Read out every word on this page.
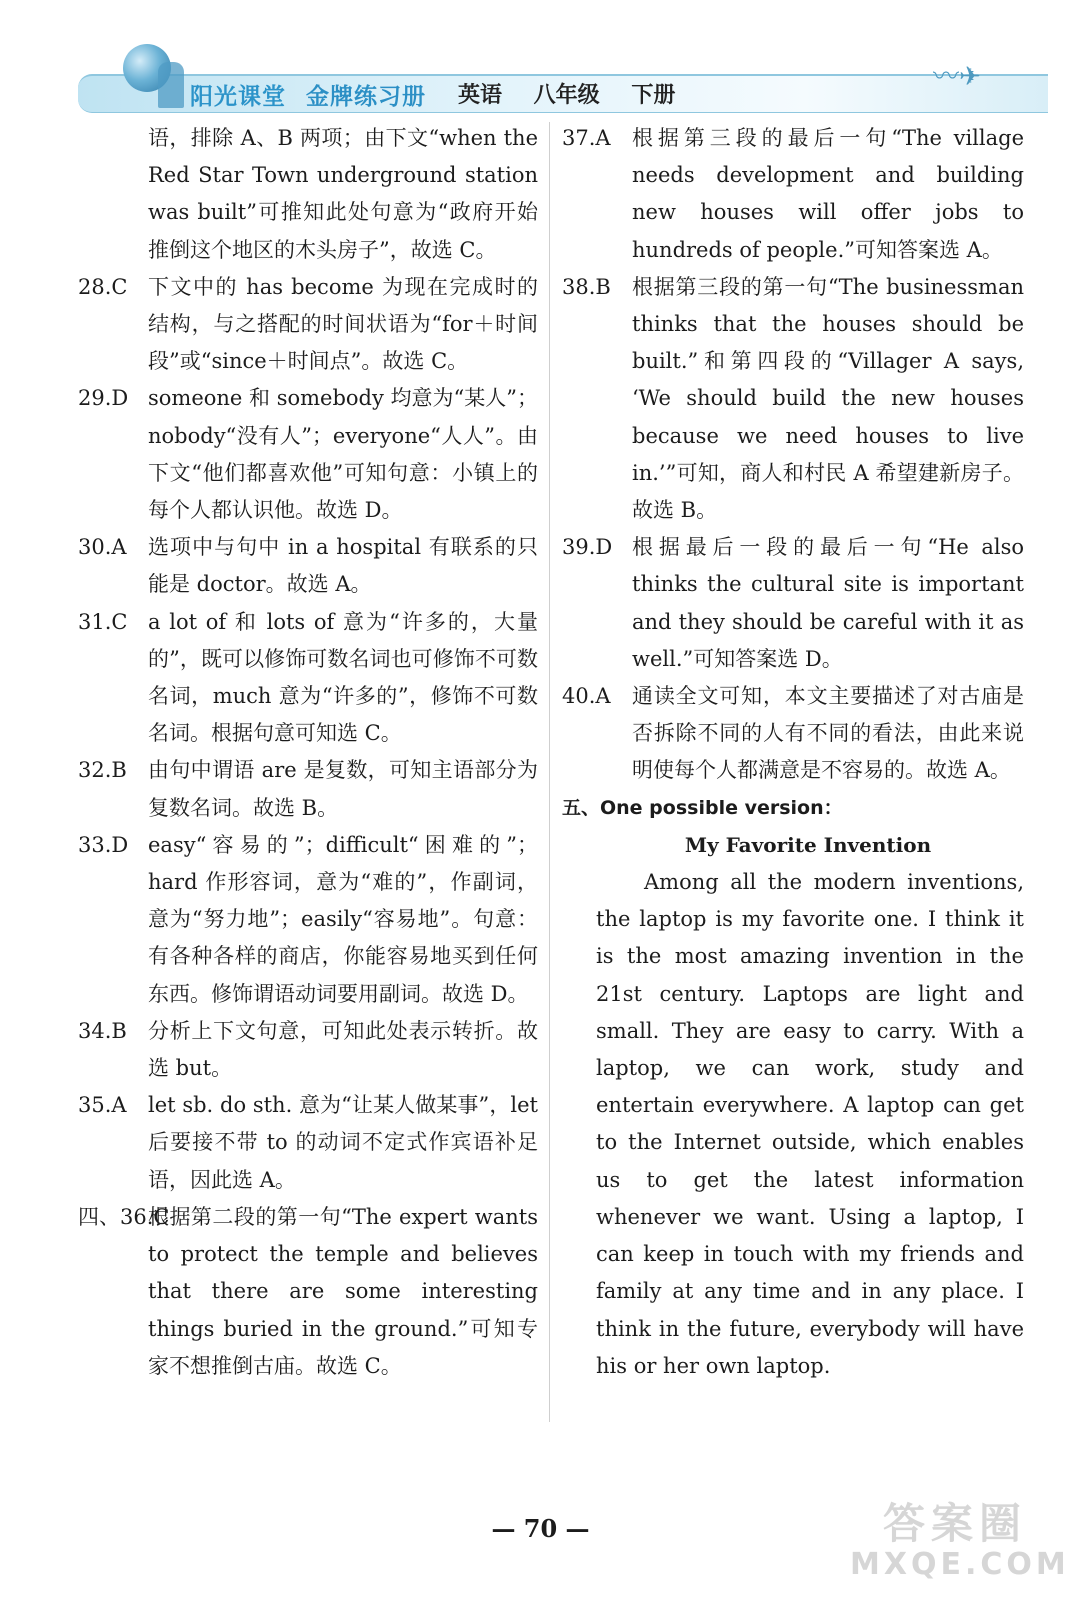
阳光课堂 金牌练习册 英语 八年级 下册
〰✈
语，排除 A、B 两项；由下文“when the Red Star Town underground station was built”可推知此处句意为“政府开始推倒这个地区的木头房子”，故选 C。
28.C 下文中的 has become 为现在完成时的结构，与之搭配的时间状语为“for＋时间段”或“since＋时间点”。故选 C。
29.D someone 和 somebody 均意为“某人”；nobody“没有人”；everyone“人人”。由下文“他们都喜欢他”可知句意：小镇上的每个人都认识他。故选 D。
30.A	选项中与句中 in a hospital 有联系的只能是 doctor。故选 A。
31.C a lot of 和 lots of 意为“许多的，大量的”，既可以修饰可数名词也可修饰不可数名词，much 意为“许多的”，修饰不可数名词。根据句意可知选 C。
32.B	由句中谓语 are 是复数，可知主语部分为复数名词。故选 B。
33.D easy“容易的”；difficult“困难的”；hard 作形容词，意为“难的”，作副词，意为“努力地”；easily“容易地”。句意：有各种各样的商店，你能容易地买到任何东西。修饰谓语动词要用副词。故选 D。
34.B	分析上下文句意，可知此处表示转折。故选 but。
35.A	let sb. do sth. 意为“让某人做某事”，let 后要接不带 to 的动词不定式作宾语补足语，因此选 A。
四、36.C
根据第二段的第一句“The expert wants to protect the temple and believes that there are some interesting things buried in the ground.”可知专家不想推倒古庙。故选 C。
37.A	根据第三段的最后一句“The village needs development and building new houses will offer jobs to hundreds of people.”可知答案选 A。
38.B	根据第三段的第一句“The businessman thinks that the houses should be built.”和第四段的“Villager A says, ‘We should build the new houses because we need houses to live in.’”可知，商人和村民 A 希望建新房子。故选 B。
39.D 根据最后一段的最后一句“He also thinks the cultural site is important and they should be careful with it as well.”可知答案选 D。
40.A	通读全文可知，本文主要描述了对古庙是否拆除不同的人有不同的看法，由此来说明使每个人都满意是不容易的。故选 A。
五、One possible version：
My Favorite Invention

Among all the modern inventions, the laptop is my favorite one. I think it is the most amazing invention in the 21st century. Laptops are light and small. They are easy to carry. With a laptop, we can work, study and entertain everywhere. A laptop can get to the Internet outside, which enables us to get the latest information whenever we want. Using a laptop, I can keep in touch with my friends and family at any time and in any place. I think in the future, everybody will have his or her own laptop.

— 70 —	答案圈
MXQE.COM
